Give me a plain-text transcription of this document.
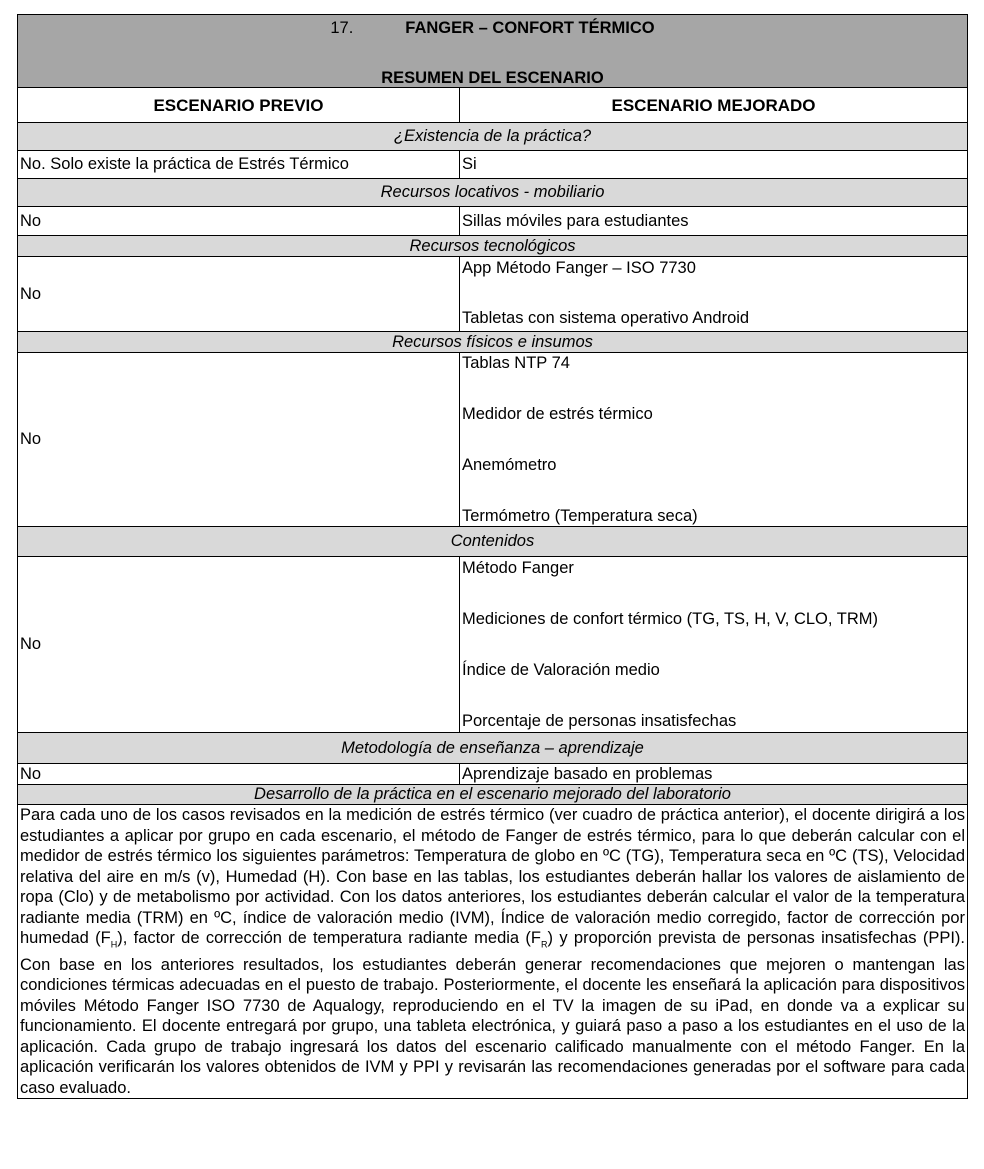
17. FANGER – CONFORT TÉRMICO
RESUMEN DEL ESCENARIO	

ESCENARIO PREVIO	ESCENARIO MEJORADO
¿Existencia de la práctica?	
No. Solo existe la práctica de Estrés Térmico	Si

Recursos locativos - mobiliario	
No	Sillas móviles para estudiantes

Recursos tecnológicos	
No	App Método Fanger – ISO 7730
Tabletas con sistema operativo Android

Recursos físicos e insumos	
No	Tablas NTP 74
Medidor de estrés térmico
Anemómetro
Termómetro (Temperatura seca)

Contenidos	
No	Método Fanger
Mediciones de confort térmico (TG, TS, H, V, CLO, TRM)
Índice de Valoración medio
Porcentaje de personas insatisfechas

Metodología de enseñanza – aprendizaje	
No	Aprendizaje basado en problemas

Desarrollo de la práctica en el escenario mejorado del laboratorio	
Para cada uno de los casos revisados en la medición de estrés térmico (ver cuadro de práctica anterior), el docente dirigirá a los estudiantes a aplicar por grupo en cada escenario, el método de Fanger de estrés térmico, para lo que deberán calcular con el medidor de estrés térmico los siguientes parámetros: Temperatura de globo en ºC (TG), Temperatura seca en ºC (TS), Velocidad relativa del aire en m/s (v), Humedad (H). Con base en las tablas, los estudiantes deberán hallar los valores de aislamiento de ropa (Clo) y de metabolismo por actividad. Con los datos anteriores, los estudiantes deberán calcular el valor de la temperatura radiante media (TRM) en ºC, índice de valoración medio (IVM), Índice de valoración medio corregido, factor de corrección por humedad $(F_H)$, factor de corrección de temperatura radiante media $(F_R)$ y proporción prevista de personas insatisfechas (PPI). Con base en los anteriores resultados, los estudiantes deberán generar recomendaciones que mejoren o mantengan las condiciones térmicas adecuadas en el puesto de trabajo. Posteriormente, el docente les enseñará la aplicación para dispositivos móviles Método Fanger ISO 7730 de Aqualogy, reproduciendo en el TV la imagen de su iPad, en donde va a explicar su funcionamiento. El docente entregará por grupo, una tableta electrónica, y guiará paso a paso a los estudiantes en el uso de la aplicación. Cada grupo de trabajo ingresará los datos del escenario calificado manualmente con el método Fanger. En la aplicación verificarán los valores obtenidos de IVM y PPI y revisarán las recomendaciones generadas por el software para cada caso evaluado.	
